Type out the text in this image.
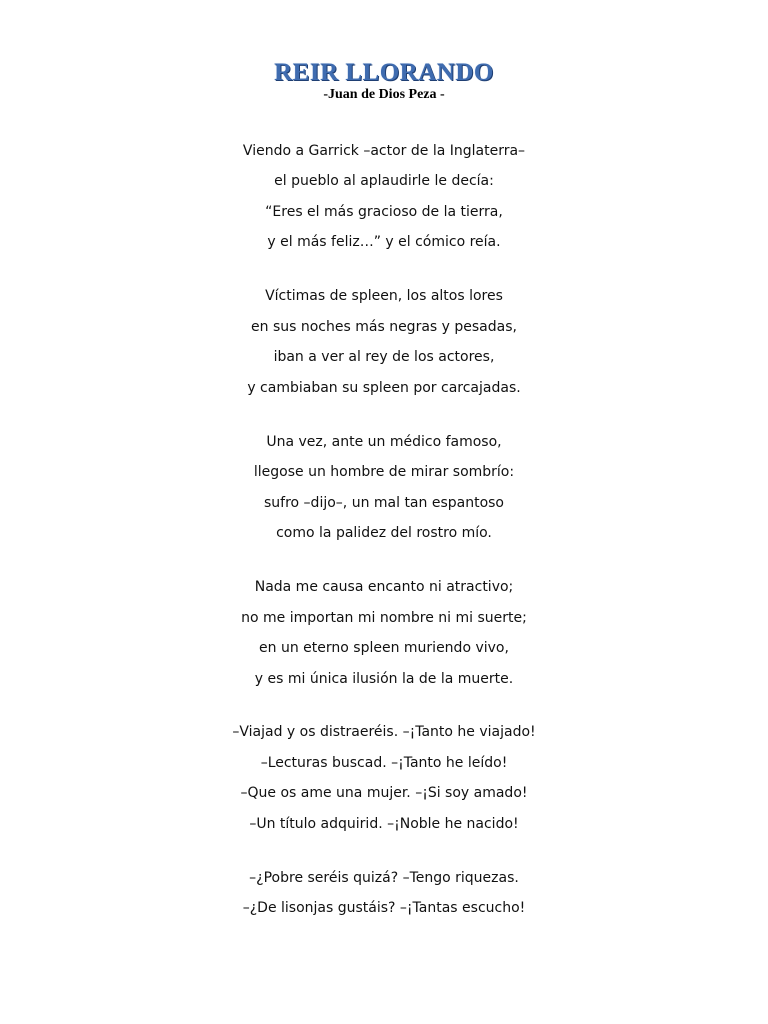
REIR LLORANDO
-Juan de Dios Peza -
Viendo a Garrick –actor de la Inglaterra–
el pueblo al aplaudirle le decía:
“Eres el más gracioso de la tierra,
y el más feliz…” y el cómico reía.
Víctimas de spleen, los altos lores
en sus noches más negras y pesadas,
iban a ver al rey de los actores,
y cambiaban su spleen por carcajadas.
Una vez, ante un médico famoso,
llegose un hombre de mirar sombrío:
sufro –dijo–, un mal tan espantoso
como la palidez del rostro mío.
Nada me causa encanto ni atractivo;
no me importan mi nombre ni mi suerte;
en un eterno spleen muriendo vivo,
y es mi única ilusión la de la muerte.
–Viajad y os distraeréis. –¡Tanto he viajado!
–Lecturas buscad. –¡Tanto he leído!
–Que os ame una mujer. –¡Si soy amado!
–Un título adquirid. –¡Noble he nacido!
–¿Pobre seréis quizá? –Tengo riquezas.
–¿De lisonjas gustáis? –¡Tantas escucho!
